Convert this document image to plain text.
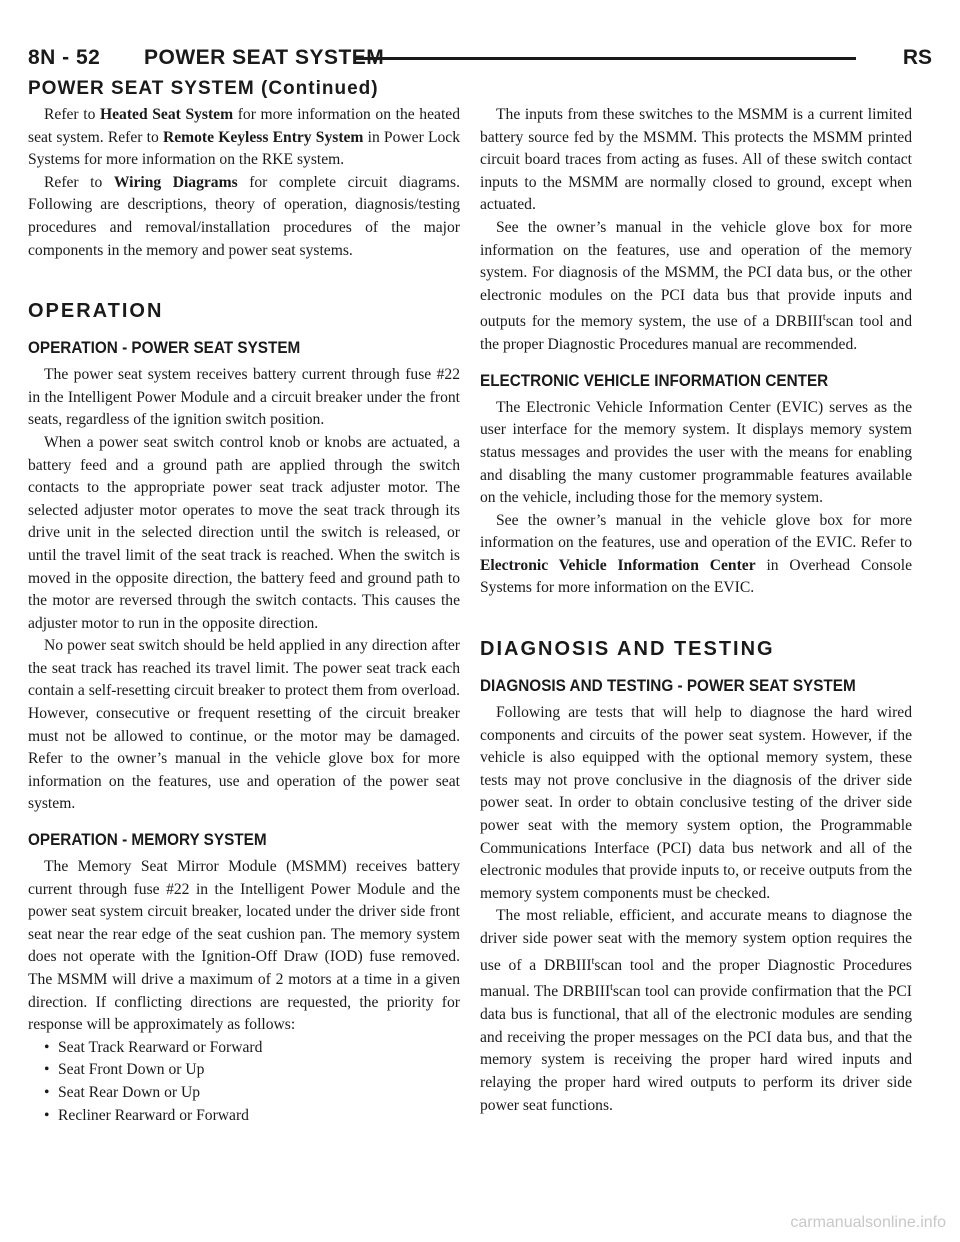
8N - 52 POWER SEAT SYSTEM	RS
POWER SEAT SYSTEM (Continued)

Refer to Heated Seat System for more information on the heated seat system. Refer to Remote Keyless Entry System in Power Lock Systems for more information on the RKE system.

Refer to Wiring Diagrams for complete circuit diagrams. Following are descriptions, theory of operation, diagnosis/testing procedures and removal/installation procedures of the major components in the memory and power seat systems.

OPERATION
OPERATION - POWER SEAT SYSTEM

The power seat system receives battery current through fuse #22 in the Intelligent Power Module and a circuit breaker under the front seats, regardless of the ignition switch position.

When a power seat switch control knob or knobs are actuated, a battery feed and a ground path are applied through the switch contacts to the appropriate power seat track adjuster motor. The selected adjuster motor operates to move the seat track through its drive unit in the selected direction until the switch is released, or until the travel limit of the seat track is reached. When the switch is moved in the opposite direction, the battery feed and ground path to the motor are reversed through the switch contacts. This causes the adjuster motor to run in the opposite direction.

No power seat switch should be held applied in any direction after the seat track has reached its travel limit. The power seat track each contain a self-resetting circuit breaker to protect them from overload. However, consecutive or frequent resetting of the circuit breaker must not be allowed to continue, or the motor may be damaged. Refer to the owner’s manual in the vehicle glove box for more information on the features, use and operation of the power seat system.

OPERATION - MEMORY SYSTEM

The Memory Seat Mirror Module (MSMM) receives battery current through fuse #22 in the Intelligent Power Module and the power seat system circuit breaker, located under the driver side front seat near the rear edge of the seat cushion pan. The memory system does not operate with the Ignition-Off Draw (IOD) fuse removed. The MSMM will drive a maximum of 2 motors at a time in a given direction. If conflicting directions are requested, the priority for response will be approximately as follows:

• Seat Track Rearward or Forward
• Seat Front Down or Up
• Seat Rear Down or Up
• Recliner Rearward or Forward

The inputs from these switches to the MSMM is a current limited battery source fed by the MSMM. This protects the MSMM printed circuit board traces from acting as fuses. All of these switch contact inputs to the MSMM are normally closed to ground, except when actuated.

See the owner’s manual in the vehicle glove box for more information on the features, use and operation of the memory system. For diagnosis of the MSMM, the PCI data bus, or the other electronic modules on the PCI data bus that provide inputs and outputs for the memory system, the use of a DRBIII$^t$scan tool and the proper Diagnostic Procedures manual are recommended.

ELECTRONIC VEHICLE INFORMATION CENTER

The Electronic Vehicle Information Center (EVIC) serves as the user interface for the memory system. It displays memory system status messages and provides the user with the means for enabling and disabling the many customer programmable features available on the vehicle, including those for the memory system.

See the owner’s manual in the vehicle glove box for more information on the features, use and operation of the EVIC. Refer to Electronic Vehicle Information Center in Overhead Console Systems for more information on the EVIC.

DIAGNOSIS AND TESTING
DIAGNOSIS AND TESTING - POWER SEAT SYSTEM

Following are tests that will help to diagnose the hard wired components and circuits of the power seat system. However, if the vehicle is also equipped with the optional memory system, these tests may not prove conclusive in the diagnosis of the driver side power seat. In order to obtain conclusive testing of the driver side power seat with the memory system option, the Programmable Communications Interface (PCI) data bus network and all of the electronic modules that provide inputs to, or receive outputs from the memory system components must be checked.

The most reliable, efficient, and accurate means to diagnose the driver side power seat with the memory system option requires the use of a DRBIII$^t$scan tool and the proper Diagnostic Procedures manual. The DRBIII$^t$scan tool can provide confirmation that the PCI data bus is functional, that all of the electronic modules are sending and receiving the proper messages on the PCI data bus, and that the memory system is receiving the proper hard wired inputs and relaying the proper hard wired outputs to perform its driver side power seat functions.

carmanualsonline.info
